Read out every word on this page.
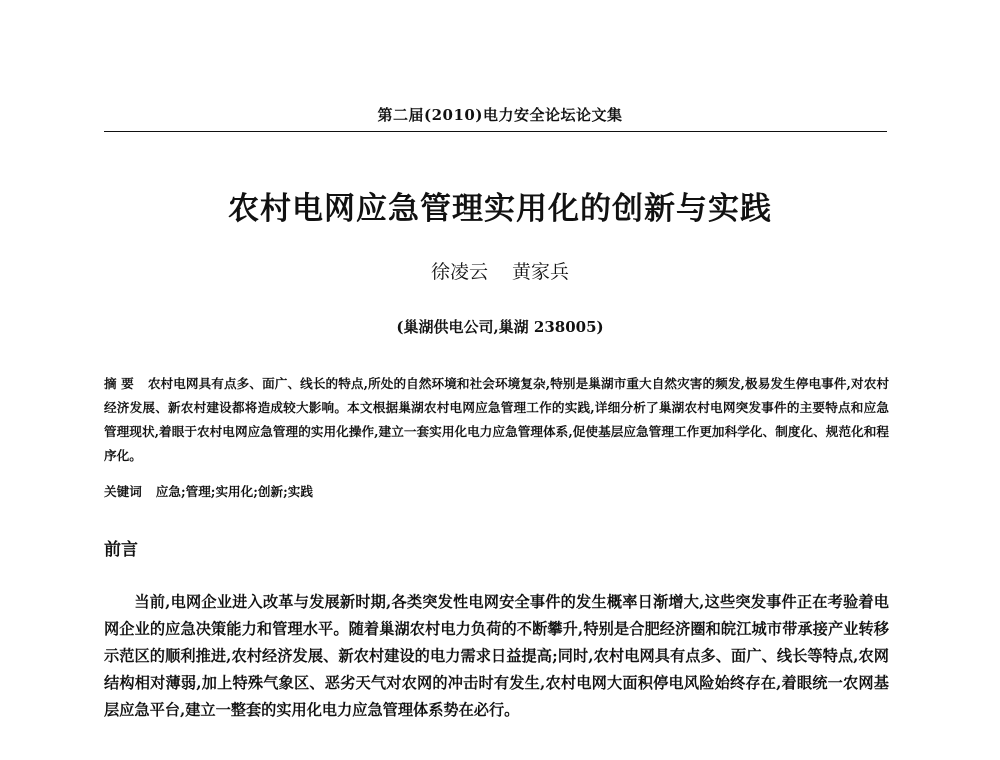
第二届(2010)电力安全论坛论文集
农村电网应急管理实用化的创新与实践
徐凌云 黄家兵
(巢湖供电公司,巢湖 238005)
摘 要 农村电网具有点多、面广、线长的特点,所处的自然环境和社会环境复杂,特别是巢湖市重大自然灾害的频发,极易发生停电事件,对农村经济发展、新农村建设都将造成较大影响。本文根据巢湖农村电网应急管理工作的实践,详细分析了巢湖农村电网突发事件的主要特点和应急管理现状,着眼于农村电网应急管理的实用化操作,建立一套实用化电力应急管理体系,促使基层应急管理工作更加科学化、制度化、规范化和程序化。
关键词 应急;管理;实用化;创新;实践
前言

当前,电网企业进入改革与发展新时期,各类突发性电网安全事件的发生概率日渐增大,这些突发事件正在考验着电网企业的应急决策能力和管理水平。随着巢湖农村电力负荷的不断攀升,特别是合肥经济圈和皖江城市带承接产业转移示范区的顺利推进,农村经济发展、新农村建设的电力需求日益提高;同时,农村电网具有点多、面广、线长等特点,农网结构相对薄弱,加上特殊气象区、恶劣天气对农网的冲击时有发生,农村电网大面积停电风险始终存在,着眼统一农网基层应急平台,建立一整套的实用化电力应急管理体系势在必行。
